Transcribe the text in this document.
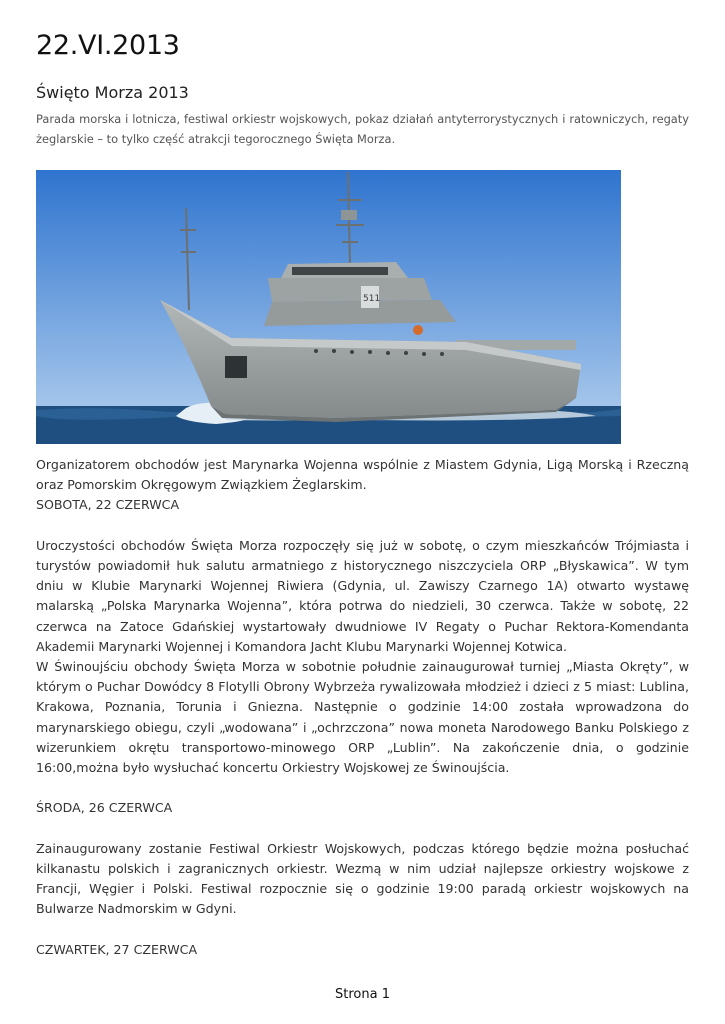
22.VI.2013
Święto Morza 2013
Parada morska i lotnicza, festiwal orkiestr wojskowych, pokaz działań antyterrorystycznych i ratowniczych, regaty żeglarskie – to tylko część atrakcji tegorocznego Święta Morza.
511

Organizatorem obchodów jest Marynarka Wojenna wspólnie z Miastem Gdynia, Ligą Morską i Rzeczną oraz Pomorskim Okręgowym Związkiem Żeglarskim.

SOBOTA, 22 CZERWCA

Uroczystości obchodów Święta Morza rozpoczęły się już w sobotę, o czym mieszkańców Trójmiasta i turystów powiadomił huk salutu armatniego z historycznego niszczyciela ORP „Błyskawica”. W tym dniu w Klubie Marynarki Wojennej Riwiera (Gdynia, ul. Zawiszy Czarnego 1A) otwarto wystawę malarską „Polska Marynarka Wojenna”, która potrwa do niedzieli, 30 czerwca. Także w sobotę, 22 czerwca na Zatoce Gdańskiej wystartowały dwudniowe IV Regaty o Puchar Rektora-Komendanta Akademii Marynarki Wojennej i Komandora Jacht Klubu Marynarki Wojennej Kotwica.

W Świnoujściu obchody Święta Morza w sobotnie południe zainaugurował turniej „Miasta Okręty”, w którym o Puchar Dowódcy 8 Flotylli Obrony Wybrzeża rywalizowała młodzież i dzieci z 5 miast: Lublina, Krakowa, Poznania, Torunia i Gniezna. Następnie o godzinie 14:00 została wprowadzona do marynarskiego obiegu, czyli „wodowana” i „ochrzczona” nowa moneta Narodowego Banku Polskiego z wizerunkiem okrętu transportowo-minowego ORP „Lublin”. Na zakończenie dnia, o godzinie 16:00,można było wysłuchać koncertu Orkiestry Wojskowej ze Świnoujścia.

ŚRODA, 26 CZERWCA

Zainaugurowany zostanie Festiwal Orkiestr Wojskowych, podczas którego będzie można posłuchać kilkanastu polskich i zagranicznych orkiestr. Wezmą w nim udział najlepsze orkiestry wojskowe z Francji, Węgier i Polski. Festiwal rozpocznie się o godzinie 19:00 paradą orkiestr wojskowych na Bulwarze Nadmorskim w Gdyni.

CZWARTEK, 27 CZERWCA

Strona 1
